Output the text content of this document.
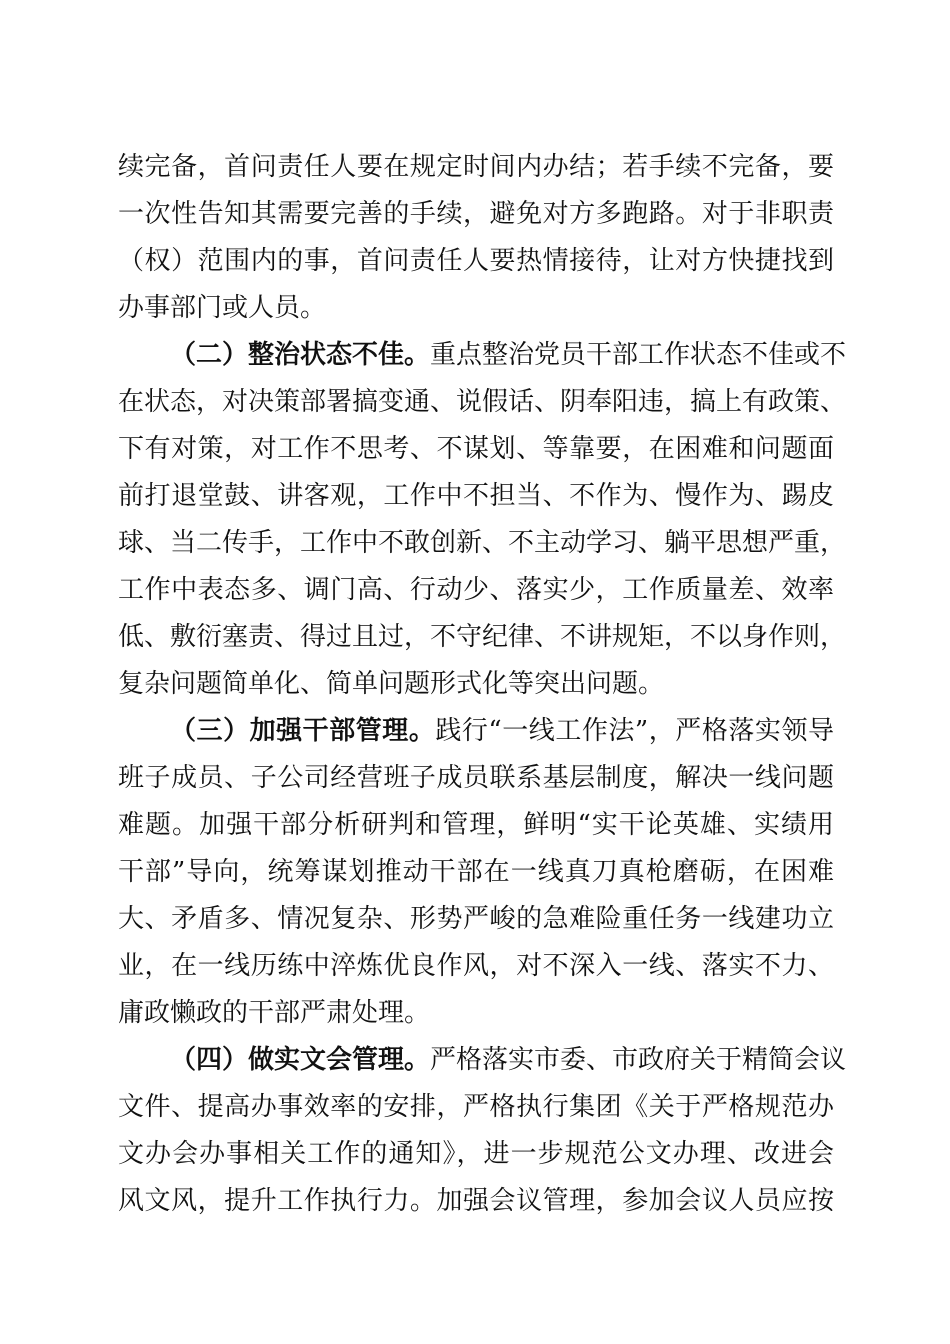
续完备，首问责任人要在规定时间内办结；若手续不完备，要
一次性告知其需要完善的手续，避免对方多跑路。对于非职责
（权）范围内的事，首问责任人要热情接待，让对方快捷找到
办事部门或人员。
（二）整治状态不佳。重点整治党员干部工作状态不佳或不
在状态，对决策部署搞变通、说假话、阴奉阳违，搞上有政策、
下有对策，对工作不思考、不谋划、等靠要，在困难和问题面
前打退堂鼓、讲客观，工作中不担当、不作为、慢作为、踢皮
球、当二传手，工作中不敢创新、不主动学习、躺平思想严重，
工作中表态多、调门高、行动少、落实少，工作质量差、效率
低、敷衍塞责、得过且过，不守纪律、不讲规矩，不以身作则，
复杂问题简单化、简单问题形式化等突出问题。
（三）加强干部管理。践行“一线工作法”，严格落实领导
班子成员、子公司经营班子成员联系基层制度，解决一线问题
难题。加强干部分析研判和管理，鲜明“实干论英雄、实绩用
干部”导向，统筹谋划推动干部在一线真刀真枪磨砺，在困难
大、矛盾多、情况复杂、形势严峻的急难险重任务一线建功立
业，在一线历练中淬炼优良作风，对不深入一线、落实不力、
庸政懒政的干部严肃处理。
（四）做实文会管理。严格落实市委、市政府关于精简会议
文件、提高办事效率的安排，严格执行集团《关于严格规范办
文办会办事相关工作的通知》，进一步规范公文办理、改进会
风文风，提升工作执行力。加强会议管理，参加会议人员应按
